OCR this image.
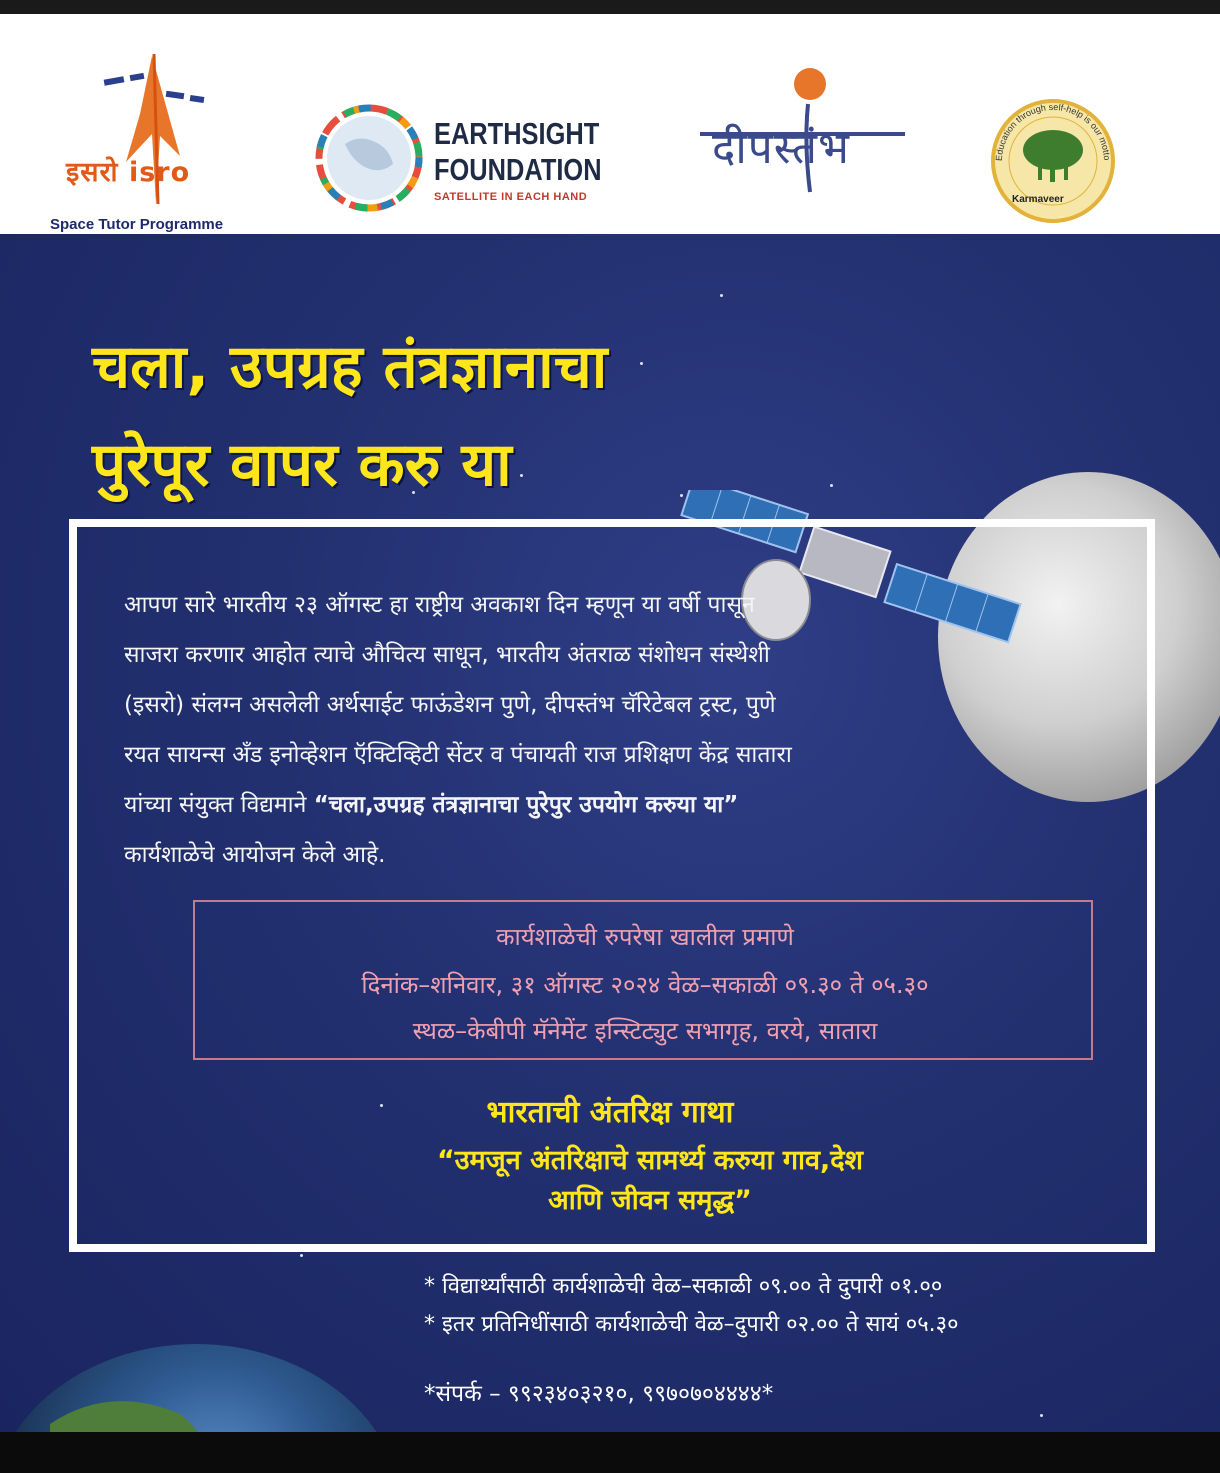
इसरो isro
Space Tutor Programme
EARTHSIGHT
FOUNDATION
SATELLITE IN EACH HAND
दीपस्तंभ	Education through self-help is our motto
Karmaveer
चला, उपग्रह तंत्रज्ञानाचा
पुरेपूर वापर करु या
आपण सारे भारतीय २३ ऑगस्ट हा राष्ट्रीय अवकाश दिन म्हणून या वर्षी पासून
साजरा करणार आहोत त्याचे औचित्य साधून, भारतीय अंतराळ संशोधन संस्थेशी
(इसरो) संलग्न असलेली अर्थसाईट फाऊंडेशन पुणे, दीपस्तंभ चॅरिटेबल ट्रस्ट, पुणे
रयत सायन्स अँड इनोव्हेशन ऍक्टिव्हिटी सेंटर व पंचायती राज प्रशिक्षण केंद्र सातारा
यांच्या संयुक्त विद्यमाने “चला,उपग्रह तंत्रज्ञानाचा पुरेपुर उपयोग करुया या”
कार्यशाळेचे आयोजन केले आहे.
कार्यशाळेची रुपरेषा खालील प्रमाणे
दिनांक–शनिवार, ३१ ऑगस्ट २०२४ वेळ–सकाळी ०९.३० ते ०५.३०
स्थळ–केबीपी मॅनेमेंट इन्स्टिट्युट सभागृह, वरये, सातारा
भारताची अंतरिक्ष गाथा
“उमजून अंतरिक्षाचे सामर्थ्य करुया गाव,देश
आणि जीवन समृद्ध”
* विद्यार्थ्यांसाठी कार्यशाळेची वेळ–सकाळी ०९.०० ते दुपारी ०१.००
* इतर प्रतिनिधींसाठी कार्यशाळेची वेळ–दुपारी ०२.०० ते सायं ०५.३०
*संपर्क – ९९२३४०३२१०, ९९७०७०४४४४*
